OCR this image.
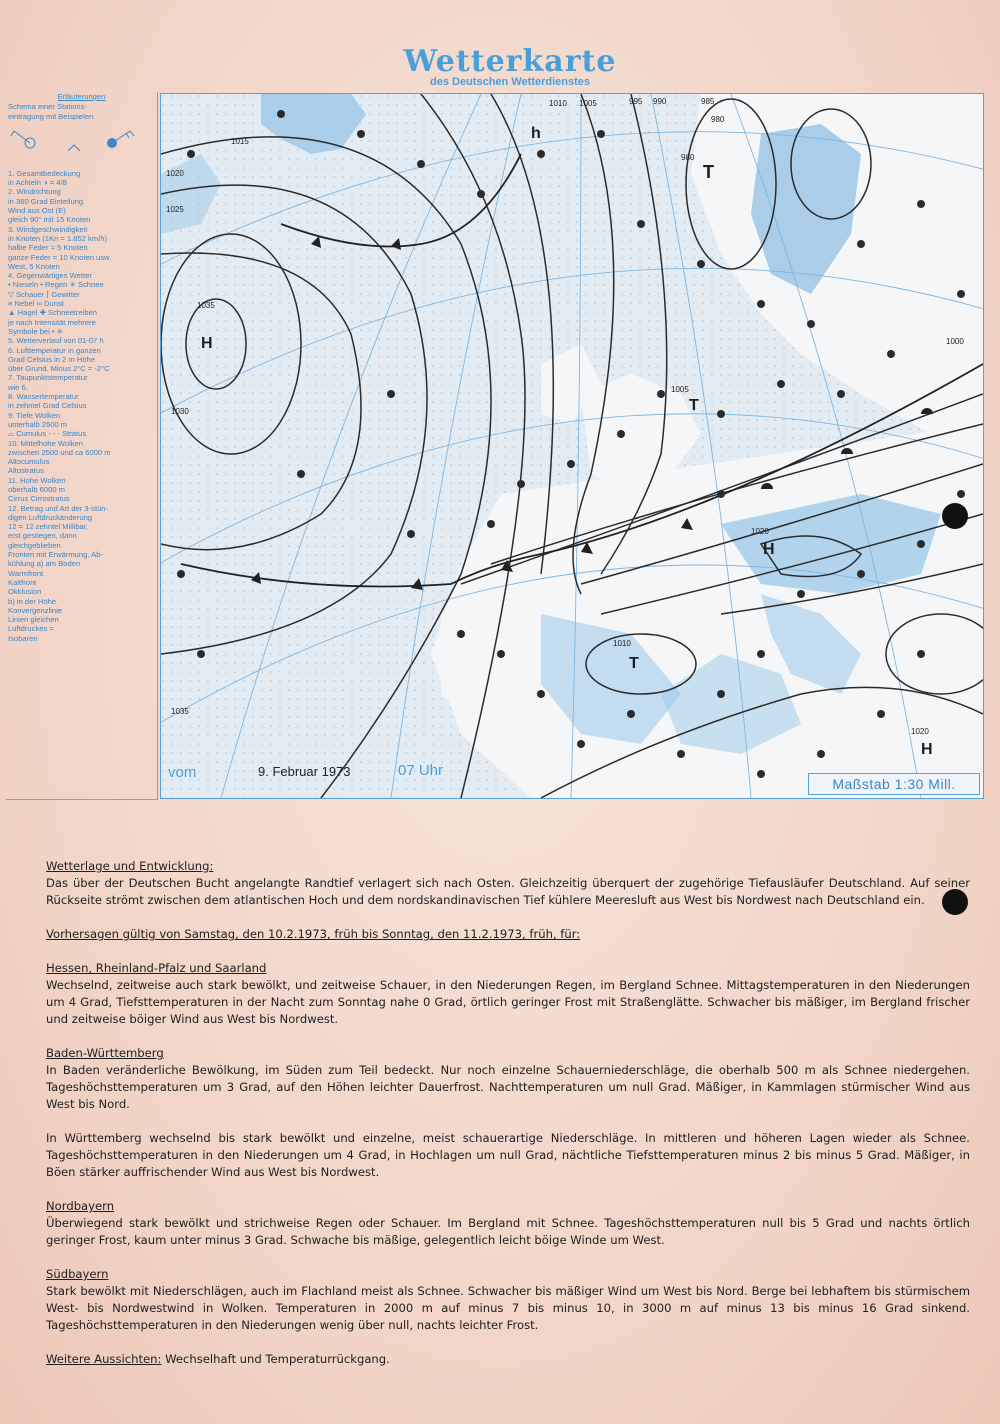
Wetterkarte
des Deutschen Wetterdienstes
Erläuterungen
Schema einer Stations-
eintragung mit Beispielen
1. Gesamtbedeckung
in Achteln ◑ = 4/8
2. Windrichtung
in 360 Grad Einteilung
Wind aus Ost (E)
gleich 90° mit 15 Knoten
3. Windgeschwindigkeit
in Knoten (1Kn = 1.852 km/h)
halbe Feder = 5 Knoten
ganze Feder = 10 Knoten usw.
West, 5 Knoten
4. Gegenwärtiges Wetter
• Nieseln • Regen ✳ Schnee
▽ Schauer ⌈ Gewitter
≡ Nebel ∞ Dunst
▲ Hagel ✚ Schneetreiben
je nach Intensität mehrere
Symbole bei • ✳
5. Wetterverlauf von 01-07 h
6. Lufttemperatur in ganzen
Grad Celsius in 2 m Höhe
über Grund. Minus 2°C = -2°C
7. Taupunktstemperatur
wie 6.
8. Wassertemperatur
in zehntel Grad Celsius
9. Tiefe Wolken
unterhalb 2500 m
⌓ Cumulus - - - Stratus
10. Mittelhohe Wolken
zwischen 2500 und ca 6000 m
Altocumulus
Altostratus
11. Hohe Wolken
oberhalb 6000 m
Cirrus Cirrostratus
12. Betrag und Art der 3-stün-
digen Luftdruckänderung
12 = 12 zehntel Millibar,
erst gestiegen, dann
gleichgeblieben
Fronten mit Erwärmung, Ab-
kühlung a) am Boden
Warmfront
Kaltfront
Okklusion
b) in der Höhe
Konvergenzlinie
Linien gleichen
Luftdruckes =
Isobaren
H
1035
T
980
T
1005
H
1020
T
1010
H
1020
h
1030
1025
1020
1015
1010 1005
1000
995 990	985
980
1035
vom	9. Februar 1973	07 Uhr
Maßstab 1:30 Mill.
Wetterlage und Entwicklung:

Das über der Deutschen Bucht angelangte Randtief verlagert sich nach Osten. Gleichzeitig überquert der zugehörige Tiefausläufer Deutschland. Auf seiner Rückseite strömt zwischen dem atlantischen Hoch und dem nordskandinavischen Tief kühlere Meeresluft aus West bis Nordwest nach Deutschland ein.

Vorhersagen gültig von Samstag, den 10.2.1973, früh bis Sonntag, den 11.2.1973, früh, für:
Hessen, Rheinland-Pfalz und Saarland

Wechselnd, zeitweise auch stark bewölkt, und zeitweise Schauer, in den Niederungen Regen, im Bergland Schnee. Mittagstemperaturen in den Niederungen um 4 Grad, Tiefsttemperaturen in der Nacht zum Sonntag nahe 0 Grad, örtlich geringer Frost mit Straßenglätte. Schwacher bis mäßiger, im Bergland frischer und zeitweise böiger Wind aus West bis Nordwest.

Baden-Württemberg

In Baden veränderliche Bewölkung, im Süden zum Teil bedeckt. Nur noch einzelne Schauerniederschläge, die oberhalb 500 m als Schnee niedergehen. Tageshöchsttemperaturen um 3 Grad, auf den Höhen leichter Dauerfrost. Nachttemperaturen um null Grad. Mäßiger, in Kammlagen stürmischer Wind aus West bis Nord.

In Württemberg wechselnd bis stark bewölkt und einzelne, meist schauerartige Niederschläge. In mittleren und höheren Lagen wieder als Schnee. Tageshöchsttemperaturen in den Niederungen um 4 Grad, in Hochlagen um null Grad, nächtliche Tiefsttemperaturen minus 2 bis minus 5 Grad. Mäßiger, in Böen stärker auffrischender Wind aus West bis Nordwest.

Nordbayern

Überwiegend stark bewölkt und strichweise Regen oder Schauer. Im Bergland mit Schnee. Tageshöchsttemperaturen null bis 5 Grad und nachts örtlich geringer Frost, kaum unter minus 3 Grad. Schwache bis mäßige, gelegentlich leicht böige Winde um West.

Südbayern

Stark bewölkt mit Niederschlägen, auch im Flachland meist als Schnee. Schwacher bis mäßiger Wind um West bis Nord. Berge bei lebhaftem bis stürmischem West- bis Nordwestwind in Wolken. Temperaturen in 2000 m auf minus 7 bis minus 10, in 3000 m auf minus 13 bis minus 16 Grad sinkend. Tageshöchsttemperaturen in den Niederungen wenig über null, nachts leichter Frost.

Weitere Aussichten: Wechselhaft und Temperaturrückgang.
